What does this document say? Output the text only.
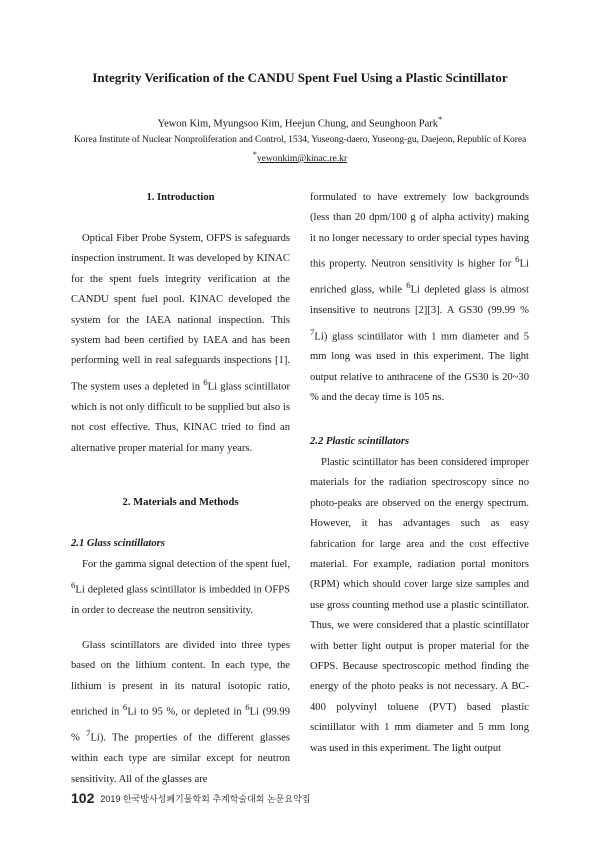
Integrity Verification of the CANDU Spent Fuel Using a Plastic Scintillator
Yewon Kim, Myungsoo Kim, Heejun Chung, and Seunghoon Park*
Korea Institute of Nuclear Nonproliferation and Control, 1534, Yuseong-daero, Yuseong-gu, Daejeon, Republic of Korea
*yewonkim@kinac.re.kr
1. Introduction

Optical Fiber Probe System, OFPS is safeguards inspection instrument. It was developed by KINAC for the spent fuels integrity verification at the CANDU spent fuel pool. KINAC developed the system for the IAEA national inspection. This system had been certified by IAEA and has been performing well in real safeguards inspections [1]. The system uses a depleted in $^6$Li glass scintillator which is not only difficult to be supplied but also is not cost effective. Thus, KINAC tried to find an alternative proper material for many years.

2. Materials and Methods
2.1 Glass scintillators

For the gamma signal detection of the spent fuel, $^6$Li depleted glass scintillator is imbedded in OFPS in order to decrease the neutron sensitivity.

Glass scintillators are divided into three types based on the lithium content. In each type, the lithium is present in its natural isotopic ratio, enriched in $^6$Li to 95 %, or depleted in $^6$Li (99.99 % $^7$Li). The properties of the different glasses within each type are similar except for neutron sensitivity. All of the glasses are

formulated to have extremely low backgrounds (less than 20 dpm/100 g of alpha activity) making it no longer necessary to order special types having this property. Neutron sensitivity is higher for $^6$Li enriched glass, while $^6$Li depleted glass is almost insensitive to neutrons [2][3]. A GS30 (99.99 % $^7$Li) glass scintillator with 1 mm diameter and 5 mm long was used in this experiment. The light output relative to anthracene of the GS30 is 20~30 % and the decay time is 105 ns.

2.2 Plastic scintillators

Plastic scintillator has been considered improper materials for the radiation spectroscopy since no photo-peaks are observed on the energy spectrum. However, it has advantages such as easy fabrication for large area and the cost effective material. For example, radiation portal monitors (RPM) which should cover large size samples and use gross counting method use a plastic scintillator. Thus, we were considered that a plastic scintillator with better light output is proper material for the OFPS. Because spectroscopic method finding the energy of the photo peaks is not necessary. A BC-400 polyvinyl toluene (PVT) based plastic scintillator with 1 mm diameter and 5 mm long was used in this experiment. The light output

102 2019 한국방사성폐기물학회 추계학술대회 논문요약집
